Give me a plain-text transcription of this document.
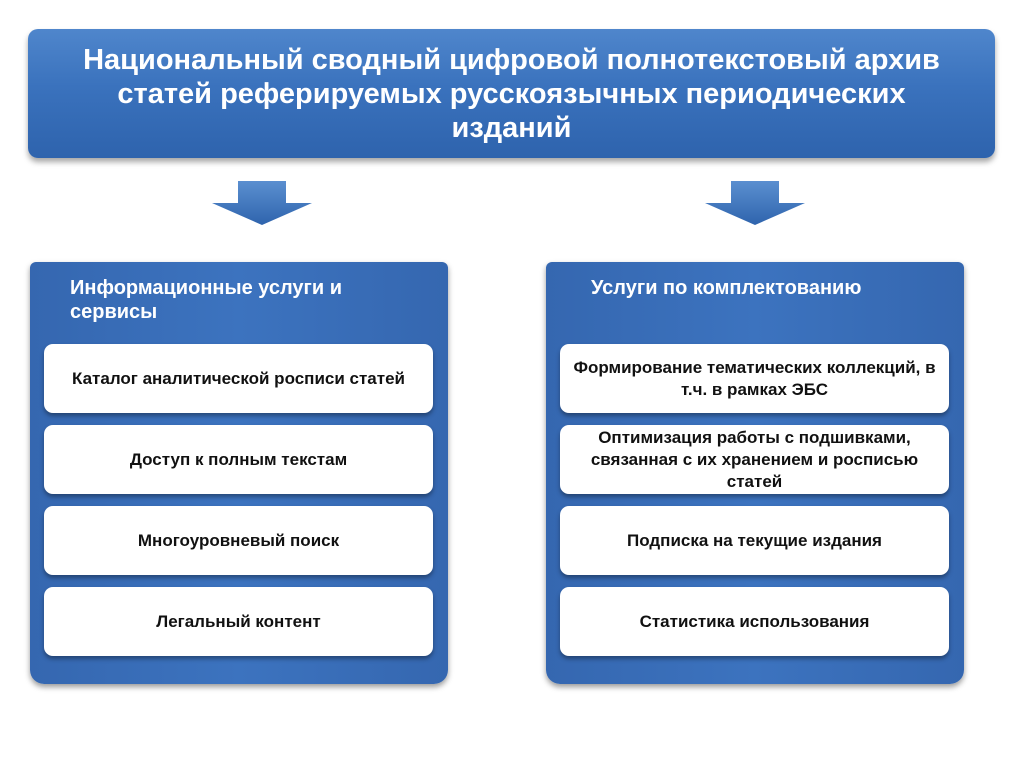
Национальный сводный цифровой полнотекстовый архив статей реферируемых русскоязычных периодических изданий
Информационные услуги и сервисы
Каталог аналитической росписи статей
Доступ к полным текстам
Многоуровневый поиск
Легальный контент
Услуги по комплектованию
Формирование тематических коллекций, в т.ч. в рамках ЭБС
Оптимизация работы с подшивками, связанная с их хранением и росписью статей
Подписка на текущие издания
Статистика использования
